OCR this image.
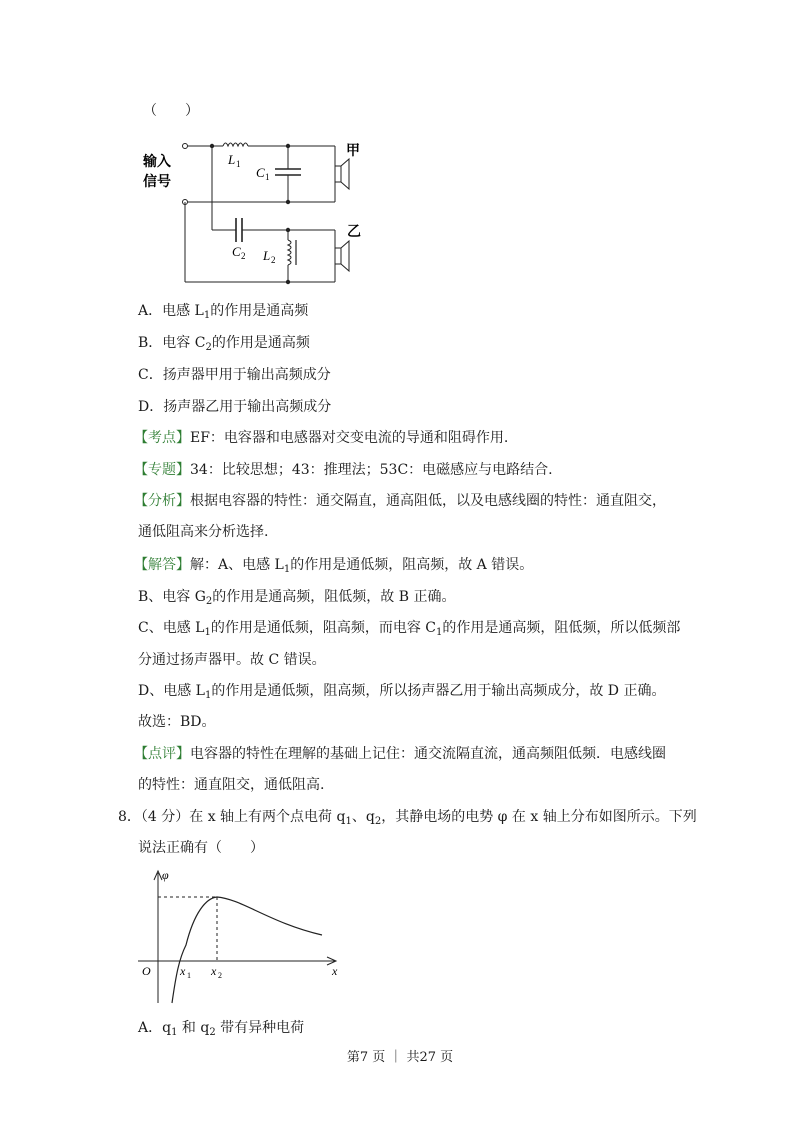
（　　）
输入
信号
L 1
C 1
C 2 L 2
甲
乙
A．电感 $L_1$的作用是通高频
B．电容 $C_2$的作用是通高频
C．扬声器甲用于输出高频成分
D．扬声器乙用于输出高频成分
【考点】EF：电容器和电感器对交变电流的导通和阻碍作用.
【专题】34：比较思想；43：推理法；53C：电磁感应与电路结合.
【分析】根据电容器的特性：通交隔直，通高阻低，以及电感线圈的特性：通直阻交，
通低阻高来分析选择.
【解答】解：A、电感 $L_1$的作用是通低频，阻高频，故 A 错误。
B、电容 $G_2$的作用是通高频，阻低频，故 B 正确。
C、电感 $L_1$的作用是通低频，阻高频，而电容 $C_1$的作用是通高频，阻低频，所以低频部
分通过扬声器甲。故 C 错误。
D、电感 $L_1$的作用是通低频，阻高频，所以扬声器乙用于输出高频成分，故 D 正确。
故选：BD。
【点评】电容器的特性在理解的基础上记住：通交流隔直流，通高频阻低频．电感线圈
的特性：通直阻交，通低阻高.
8．（4 分）在 x 轴上有两个点电荷 $q_1$、$q_2$，其静电场的电势 φ 在 x 轴上分布如图所示。下列
说法正确有（　　）
φ
x
O x 1 x 2
A．$q_1$ 和 $q_2$ 带有异种电荷
第7 页 ｜ 共27 页
